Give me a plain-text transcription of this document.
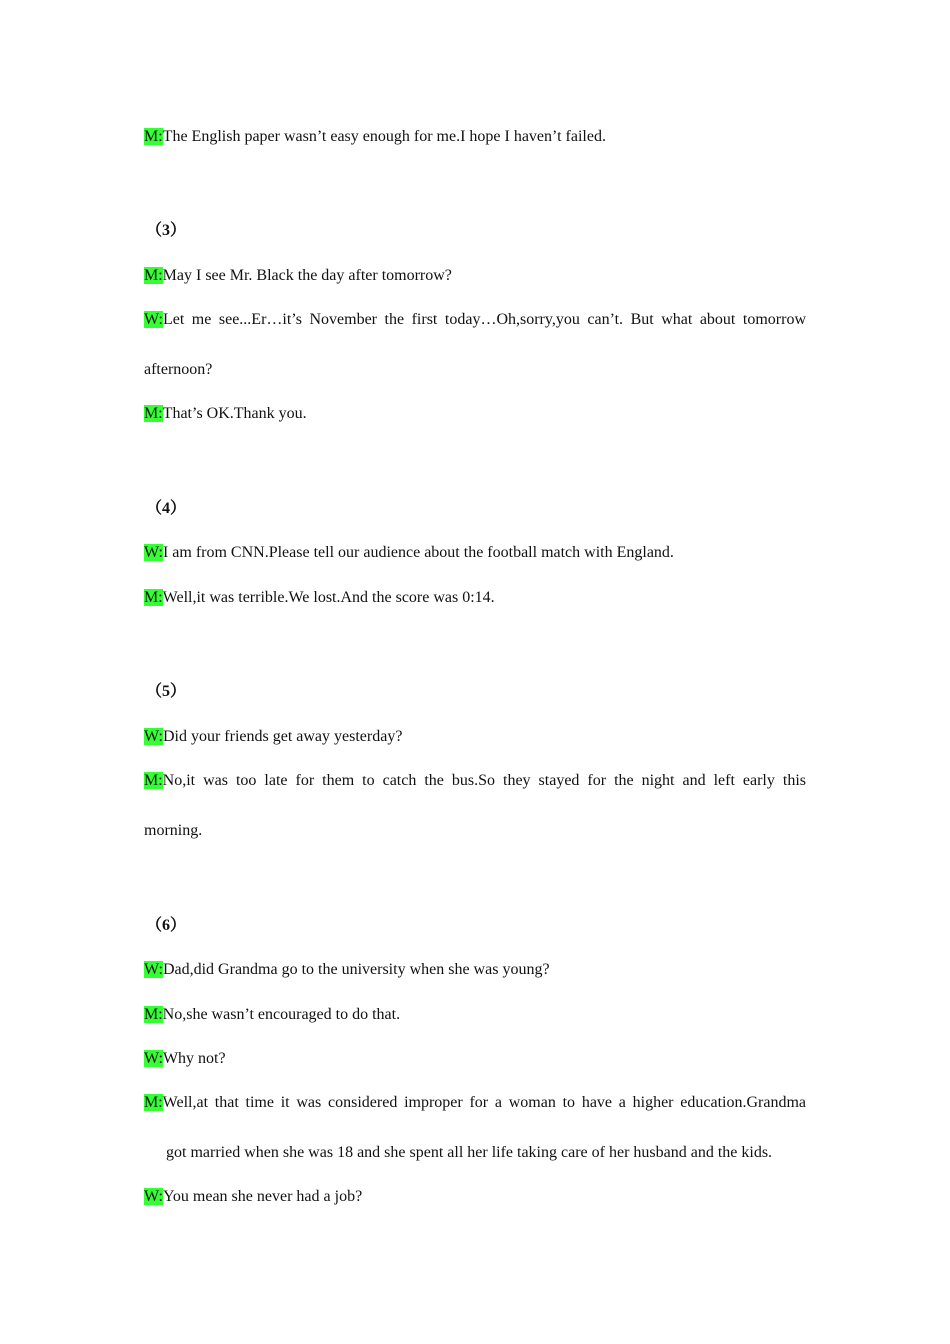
M:The English paper wasn’t easy enough for me.I hope I haven’t failed.
（3）
M:May I see Mr. Black the day after tomorrow?
W:Let me see...Er…it’s November the first today…Oh,sorry,you can’t. But what about tomorrow
afternoon?
M:That’s OK.Thank you.
（4）
W:I am from CNN.Please tell our audience about the football match with England.
M:Well,it was terrible.We lost.And the score was 0:14.
（5）
W:Did your friends get away yesterday?
M:No,it was too late for them to catch the bus.So they stayed for the night and left early this
morning.
（6）
W:Dad,did Grandma go to the university when she was young?
M:No,she wasn’t encouraged to do that.
W:Why not?
M:Well,at that time it was considered improper for a woman to have a higher education.Grandma
got married when she was 18 and she spent all her life taking care of her husband and the kids.
W:You mean she never had a job?
